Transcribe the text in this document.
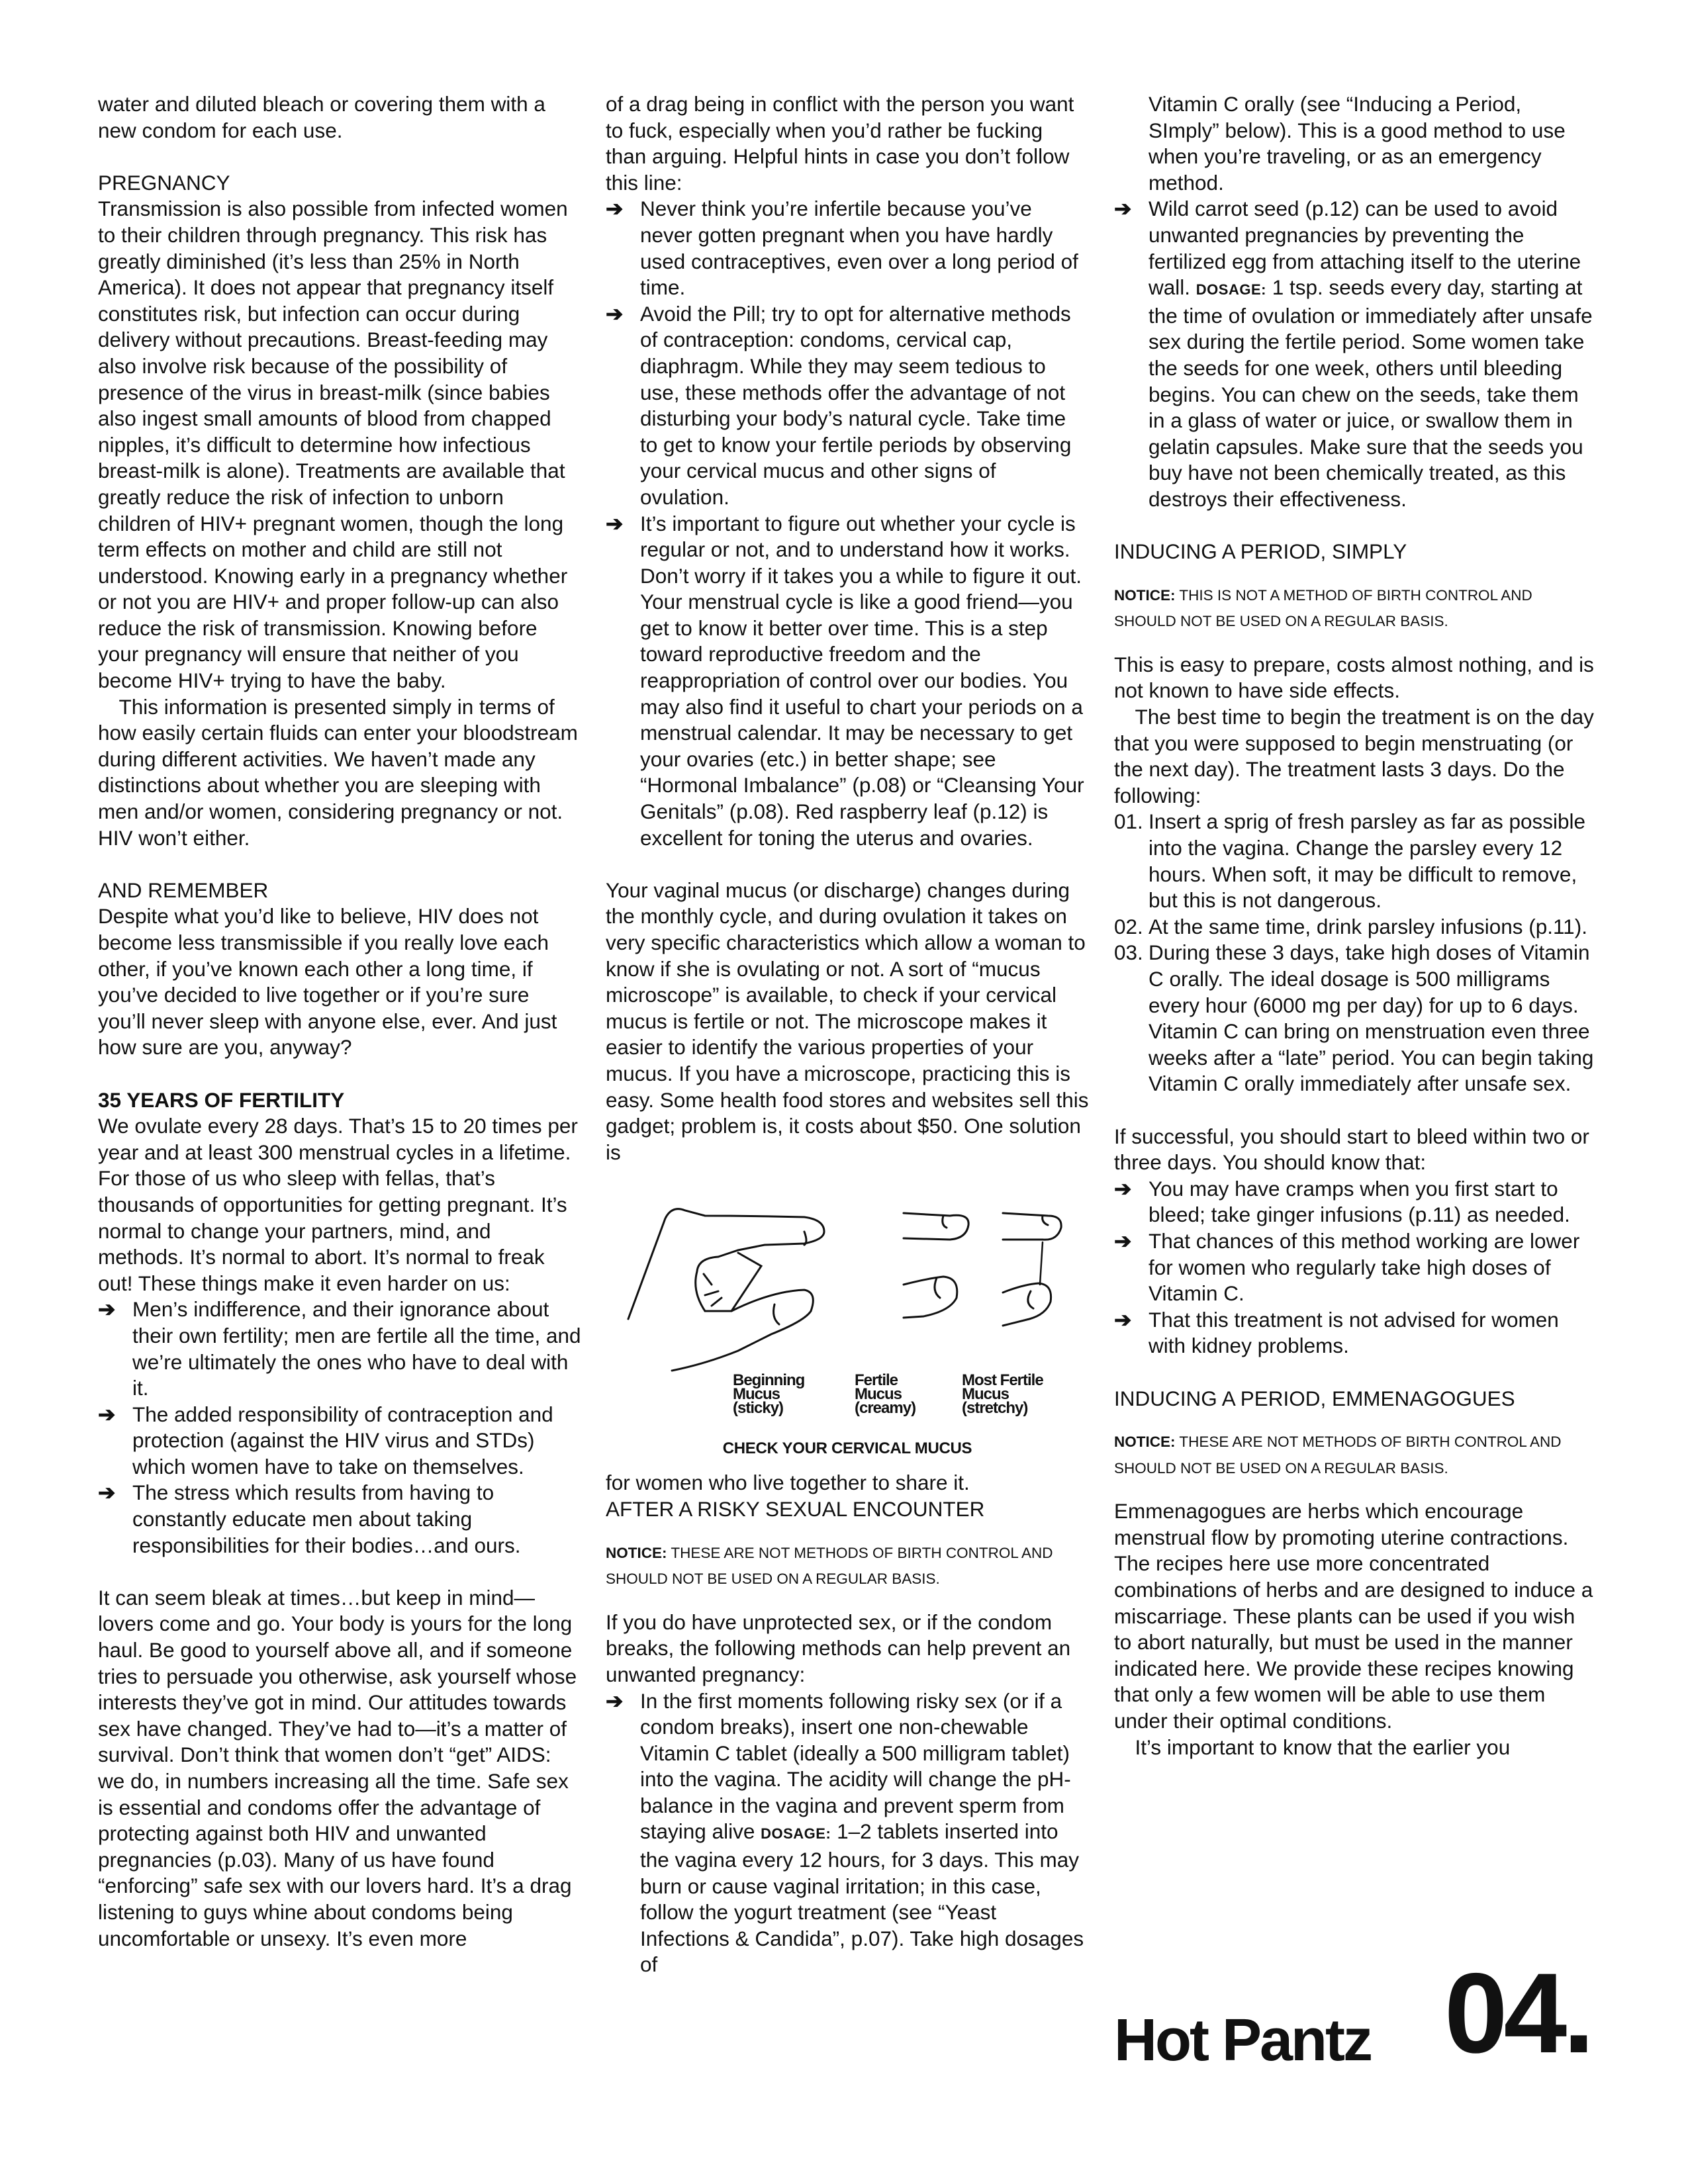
water and diluted bleach or covering them with a new condom for each use.

PREGNANCY

Transmission is also possible from infected women to their children through pregnancy. This risk has greatly diminished (it’s less than 25% in North America). It does not appear that pregnancy itself constitutes risk, but infection can occur during delivery without precautions. Breast-feeding may also involve risk because of the possibility of presence of the virus in breast-milk (since babies also ingest small amounts of blood from chapped nipples, it’s difficult to determine how infectious breast-milk is alone). Treatments are available that greatly reduce the risk of infection to unborn children of HIV+ pregnant women, though the long term effects on mother and child are still not understood. Knowing early in a pregnancy whether or not you are HIV+ and proper follow-up can also reduce the risk of transmission. Knowing before your pregnancy will ensure that neither of you become HIV+ trying to have the baby.

This information is presented simply in terms of how easily certain fluids can enter your bloodstream during different activities. We haven’t made any distinctions about whether you are sleeping with men and/or women, considering pregnancy or not. HIV won’t either.

AND REMEMBER

Despite what you’d like to believe, HIV does not become less transmissible if you really love each other, if you’ve known each other a long time, if you’ve decided to live together or if you’re sure you’ll never sleep with anyone else, ever. And just how sure are you, anyway?

35 YEARS OF FERTILITY

We ovulate every 28 days. That’s 15 to 20 times per year and at least 300 menstrual cycles in a lifetime. For those of us who sleep with fellas, that’s thousands of opportunities for getting pregnant. It’s normal to change your partners, mind, and methods. It’s normal to abort. It’s normal to freak out! These things make it even harder on us:

➔ Men’s indifference, and their ignorance about their own fertility; men are fertile all the time, and we’re ultimately the ones who have to deal with it.
➔ The added responsibility of contraception and protection (against the HIV virus and STDs) which women have to take on themselves.
➔ The stress which results from having to constantly educate men about taking responsibilities for their bodies…and ours.

It can seem bleak at times…but keep in mind—lovers come and go. Your body is yours for the long haul. Be good to yourself above all, and if someone tries to persuade you otherwise, ask yourself whose interests they’ve got in mind. Our attitudes towards sex have changed. They’ve had to—it’s a matter of survival. Don’t think that women don’t “get” AIDS: we do, in numbers increasing all the time. Safe sex is essential and condoms offer the advantage of protecting against both HIV and unwanted pregnancies (p.03). Many of us have found “enforcing” safe sex with our lovers hard. It’s a drag listening to guys whine about condoms being uncomfortable or unsexy. It’s even more

of a drag being in conflict with the person you want to fuck, especially when you’d rather be fucking than arguing. Helpful hints in case you don’t follow this line:

➔ Never think you’re infertile because you’ve never gotten pregnant when you have hardly used contraceptives, even over a long period of time.
➔ Avoid the Pill; try to opt for alternative methods of contraception: condoms, cervical cap, diaphragm. While they may seem tedious to use, these methods offer the advantage of not disturbing your body’s natural cycle. Take time to get to know your fertile periods by observing your cervical mucus and other signs of ovulation.
➔ It’s important to figure out whether your cycle is regular or not, and to understand how it works. Don’t worry if it takes you a while to figure it out. Your menstrual cycle is like a good friend—you get to know it better over time. This is a step toward reproductive freedom and the reappropriation of control over our bodies. You may also find it useful to chart your periods on a menstrual calendar. It may be necessary to get your ovaries (etc.) in better shape; see “Hormonal Imbalance” (p.08) or “Cleansing Your Genitals” (p.08). Red raspberry leaf (p.12) is excellent for toning the uterus and ovaries.

Your vaginal mucus (or discharge) changes during the monthly cycle, and during ovulation it takes on very specific characteristics which allow a woman to know if she is ovulating or not. A sort of “mucus microscope” is available, to check if your cervical mucus is fertile or not. The microscope makes it easier to identify the various properties of your mucus. If you have a microscope, practicing this is easy. Some health food stores and websites sell this gadget; problem is, it costs about $50. One solution is

Beginning
Mucus
(sticky)
Fertile
Mucus
(creamy)
Most Fertile
Mucus
(stretchy)
CHECK YOUR CERVICAL MUCUS

for women who live together to share it.

AFTER A RISKY SEXUAL ENCOUNTER

NOTICE: THESE ARE NOT METHODS OF BIRTH CONTROL AND SHOULD NOT BE USED ON A REGULAR BASIS.

If you do have unprotected sex, or if the condom breaks, the following methods can help prevent an unwanted pregnancy:

➔ In the first moments following risky sex (or if a condom breaks), insert one non-chewable Vitamin C tablet (ideally a 500 milligram tablet) into the vagina. The acidity will change the pH-balance in the vagina and prevent sperm from staying alive DOSAGE: 1–2 tablets inserted into the vagina every 12 hours, for 3 days. This may burn or cause vaginal irritation; in this case, follow the yogurt treatment (see “Yeast Infections & Candida”, p.07). Take high dosages of

Vitamin C orally (see “Inducing a Period, SImply” below). This is a good method to use when you’re traveling, or as an emergency method.

➔ Wild carrot seed (p.12) can be used to avoid unwanted pregnancies by preventing the fertilized egg from attaching itself to the uterine wall. DOSAGE: 1 tsp. seeds every day, starting at the time of ovulation or immediately after unsafe sex during the fertile period. Some women take the seeds for one week, others until bleeding begins. You can chew on the seeds, take them in a glass of water or juice, or swallow them in gelatin capsules. Make sure that the seeds you buy have not been chemically treated, as this destroys their effectiveness.

INDUCING A PERIOD, SIMPLY

NOTICE: THIS IS NOT A METHOD OF BIRTH CONTROL AND SHOULD NOT BE USED ON A REGULAR BASIS.

This is easy to prepare, costs almost nothing, and is not known to have side effects.

The best time to begin the treatment is on the day that you were supposed to begin menstruating (or the next day). The treatment lasts 3 days. Do the following:

01. Insert a sprig of fresh parsley as far as possible into the vagina. Change the parsley every 12 hours. When soft, it may be difficult to remove, but this is not dangerous.
02. At the same time, drink parsley infusions (p.11).
03. During these 3 days, take high doses of Vitamin C orally. The ideal dosage is 500 milligrams every hour (6000 mg per day) for up to 6 days. Vitamin C can bring on menstruation even three weeks after a “late” period. You can begin taking Vitamin C orally immediately after unsafe sex.

If successful, you should start to bleed within two or three days. You should know that:

➔ You may have cramps when you first start to bleed; take ginger infusions (p.11) as needed.
➔ That chances of this method working are lower for women who regularly take high doses of Vitamin C.
➔ That this treatment is not advised for women with kidney problems.

INDUCING A PERIOD, EMMENAGOGUES

NOTICE: THESE ARE NOT METHODS OF BIRTH CONTROL AND SHOULD NOT BE USED ON A REGULAR BASIS.

Emmenagogues are herbs which encourage menstrual flow by promoting uterine contractions. The recipes here use more concentrated combinations of herbs and are designed to induce a miscarriage. These plants can be used if you wish to abort naturally, but must be used in the manner indicated here. We provide these recipes knowing that only a few women will be able to use them under their optimal conditions.

It’s important to know that the earlier you

Hot Pantz 04.
